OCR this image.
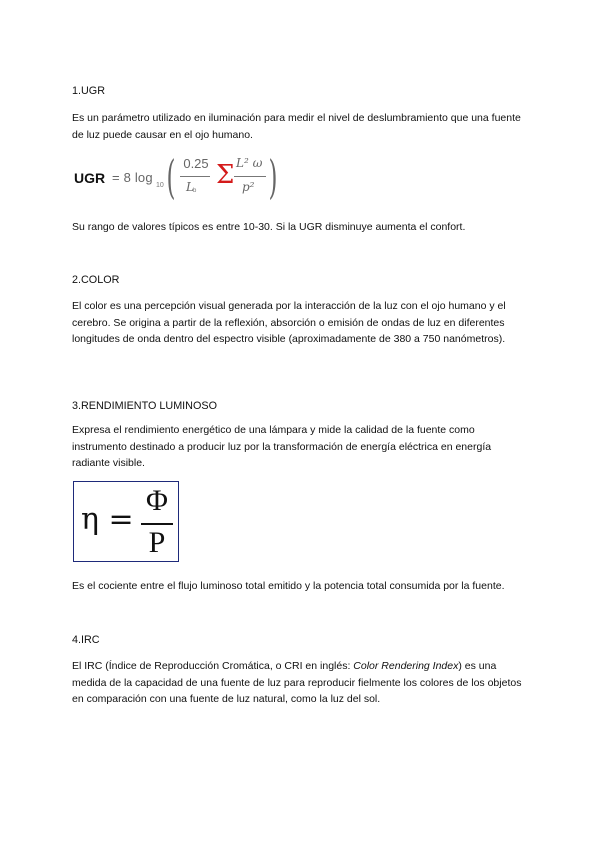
1.UGR
Es un parámetro utilizado en iluminación para medir el nivel de deslumbramiento que una fuente de luz puede causar en el ojo humano.
UGR = 8 log
10 ( 0.25
L b
Σ L² ω
p² )
Su rango de valores típicos es entre 10-30. Si la UGR disminuye aumenta el confort.
2.COLOR
El color es una percepción visual generada por la interacción de la luz con el ojo humano y el cerebro. Se origina a partir de la reflexión, absorción o emisión de ondas de luz en diferentes longitudes de onda dentro del espectro visible (aproximadamente de 380 a 750 nanómetros).
3.RENDIMIENTO LUMINOSO
Expresa el rendimiento energético de una lámpara y mide la calidad de la fuente como instrumento destinado a producir luz por la transformación de energía eléctrica en energía radiante visible.
η =
Φ
P
Es el cociente entre el flujo luminoso total emitido y la potencia total consumida por la fuente.
4.IRC
El IRC (Índice de Reproducción Cromática, o CRI en inglés: Color Rendering Index) es una medida de la capacidad de una fuente de luz para reproducir fielmente los colores de los objetos en comparación con una fuente de luz natural, como la luz del sol.
